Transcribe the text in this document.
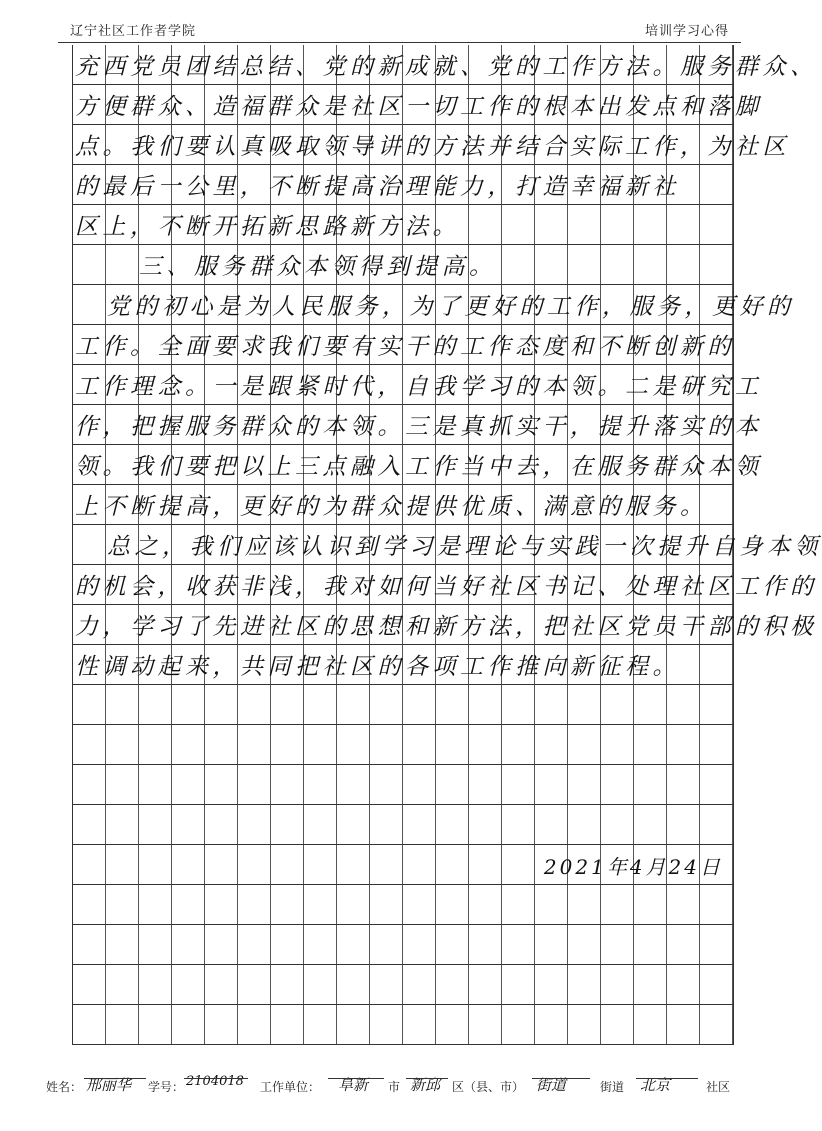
辽宁社区工作者学院	培训学习心得
充西党员团结总结、党的新成就、党的工作方法。服务群众、
方便群众、造福群众是社区一切工作的根本出发点和落脚
点。我们要认真吸取领导讲的方法并结合实际工作，为社区
的最后一公里，不断提高治理能力，打造幸福新社
区上，不断开拓新思路新方法。
三、服务群众本领得到提高。
党的初心是为人民服务，为了更好的工作，服务，更好的
工作。全面要求我们要有实干的工作态度和不断创新的
工作理念。一是跟紧时代，自我学习的本领。二是研究工
作，把握服务群众的本领。三是真抓实干，提升落实的本
领。我们要把以上三点融入工作当中去，在服务群众本领
上不断提高，更好的为群众提供优质、满意的服务。
总之，我们应该认识到学习是理论与实践一次提升自身本领
的机会，收获非浅，我对如何当好社区书记、处理社区工作的
力，学习了先进社区的思想和新方法，把社区党员干部的积极
性调动起来，共同把社区的各项工作推向新征程。
2021年4月24日
姓名： 邢丽华 学号： 2104018 工作单位： 阜新 市 新邱 区（县、市） 街道	街道 北京	社区
